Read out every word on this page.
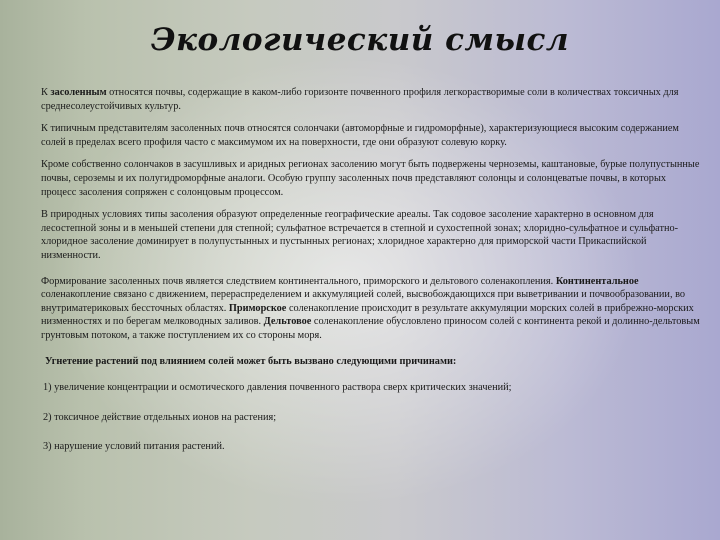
Экологический смысл

К засоленным относятся почвы, содержащие в каком-либо горизонте почвенного профиля легкорастворимые соли в количествах токсичных для среднесолеустойчивых культур.

К типичным представителям засоленных почв относятся солончаки (автоморфные и гидроморфные), характеризующиеся высоким содержанием солей в пределах всего профиля часто с максимумом их на поверхности, где они образуют солевую корку.

Кроме собственно солончаков в засушливых и аридных регионах засолению могут быть подвержены черноземы, каштановые, бурые полупустынные почвы, сероземы и их полугидроморфные аналоги. Особую группу засоленных почв представляют солонцы и солонцеватые почвы, в которых процесс засоления сопряжен с солонцовым процессом.

В природных условиях типы засоления образуют определенные географические ареалы. Так содовое засоление характерно в основном для лесостепной зоны и в меньшей степени для степной; сульфатное встречается в степной и сухостепной зонах; хлоридно-сульфатное и сульфатно-хлоридное засоление доминирует в полупустынных и пустынных регионах; хлоридное характерно для приморской части Прикаспийской низменности.

Формирование засоленных почв является следствием континентального, приморского и дельтового соленакопления. Континентальное соленакопление связано с движением, перераспределением и аккумуляцией солей, высвобождающихся при выветривании и почвообразовании, во внутриматериковых бессточных областях. Приморское соленакопление происходит в результате аккумуляции морских солей в прибрежно-морских низменностях и по берегам мелководных заливов. Дельтовое соленакопление обусловлено приносом солей с континента рекой и долинно-дельтовым грунтовым потоком, а также поступлением их со стороны моря.

Угнетение растений под влиянием солей может быть вызвано следующими причинами:

1) увеличение концентрации и осмотического давления почвенного раствора сверх критических значений;

2) токсичное действие отдельных ионов на растения;

3) нарушение условий питания растений.
